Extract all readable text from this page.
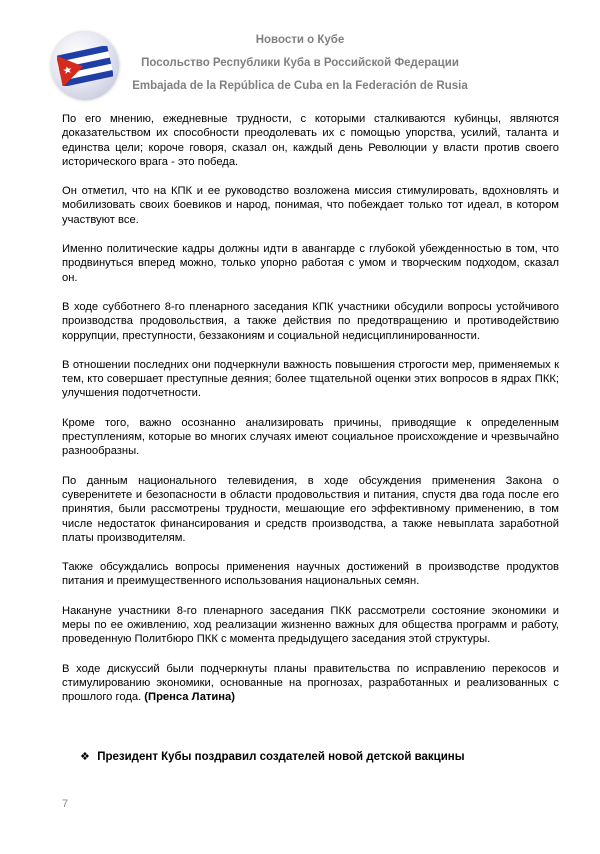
Новости о Кубе
Посольство Республики Куба в Российской Федерации
Embajada de la República de Cuba en la Federación de Rusia

По его мнению, ежедневные трудности, с которыми сталкиваются кубинцы, являются доказательством их способности преодолевать их с помощью упорства, усилий, таланта и единства цели; короче говоря, сказал он, каждый день Революции у власти против своего исторического врага - это победа.

Он отметил, что на КПК и ее руководство возложена миссия стимулировать, вдохновлять и мобилизовать своих боевиков и народ, понимая, что побеждает только тот идеал, в котором участвуют все.

Именно политические кадры должны идти в авангарде с глубокой убежденностью в том, что продвинуться вперед можно, только упорно работая с умом и творческим подходом, сказал он.

В ходе субботнего 8-го пленарного заседания КПК участники обсудили вопросы устойчивого производства продовольствия, а также действия по предотвращению и противодействию коррупции, преступности, беззакониям и социальной недисциплинированности.

В отношении последних они подчеркнули важность повышения строгости мер, применяемых к тем, кто совершает преступные деяния; более тщательной оценки этих вопросов в ядрах ПКК; улучшения подотчетности.

Кроме того, важно осознанно анализировать причины, приводящие к определенным преступлениям, которые во многих случаях имеют социальное происхождение и чрезвычайно разнообразны.

По данным национального телевидения, в ходе обсуждения применения Закона о суверенитете и безопасности в области продовольствия и питания, спустя два года после его принятия, были рассмотрены трудности, мешающие его эффективному применению, в том числе недостаток финансирования и средств производства, а также невыплата заработной платы производителям.

Также обсуждались вопросы применения научных достижений в производстве продуктов питания и преимущественного использования национальных семян.

Накануне участники 8-го пленарного заседания ПКК рассмотрели состояние экономики и меры по ее оживлению, ход реализации жизненно важных для общества программ и работу, проведенную Политбюро ПКК с момента предыдущего заседания этой структуры.

В ходе дискуссий были подчеркнуты планы правительства по исправлению перекосов и стимулированию экономики, основанные на прогнозах, разработанных и реализованных с прошлого года. (Пренса Латина)

❖ Президент Кубы поздравил создателей новой детской вакцины
7
